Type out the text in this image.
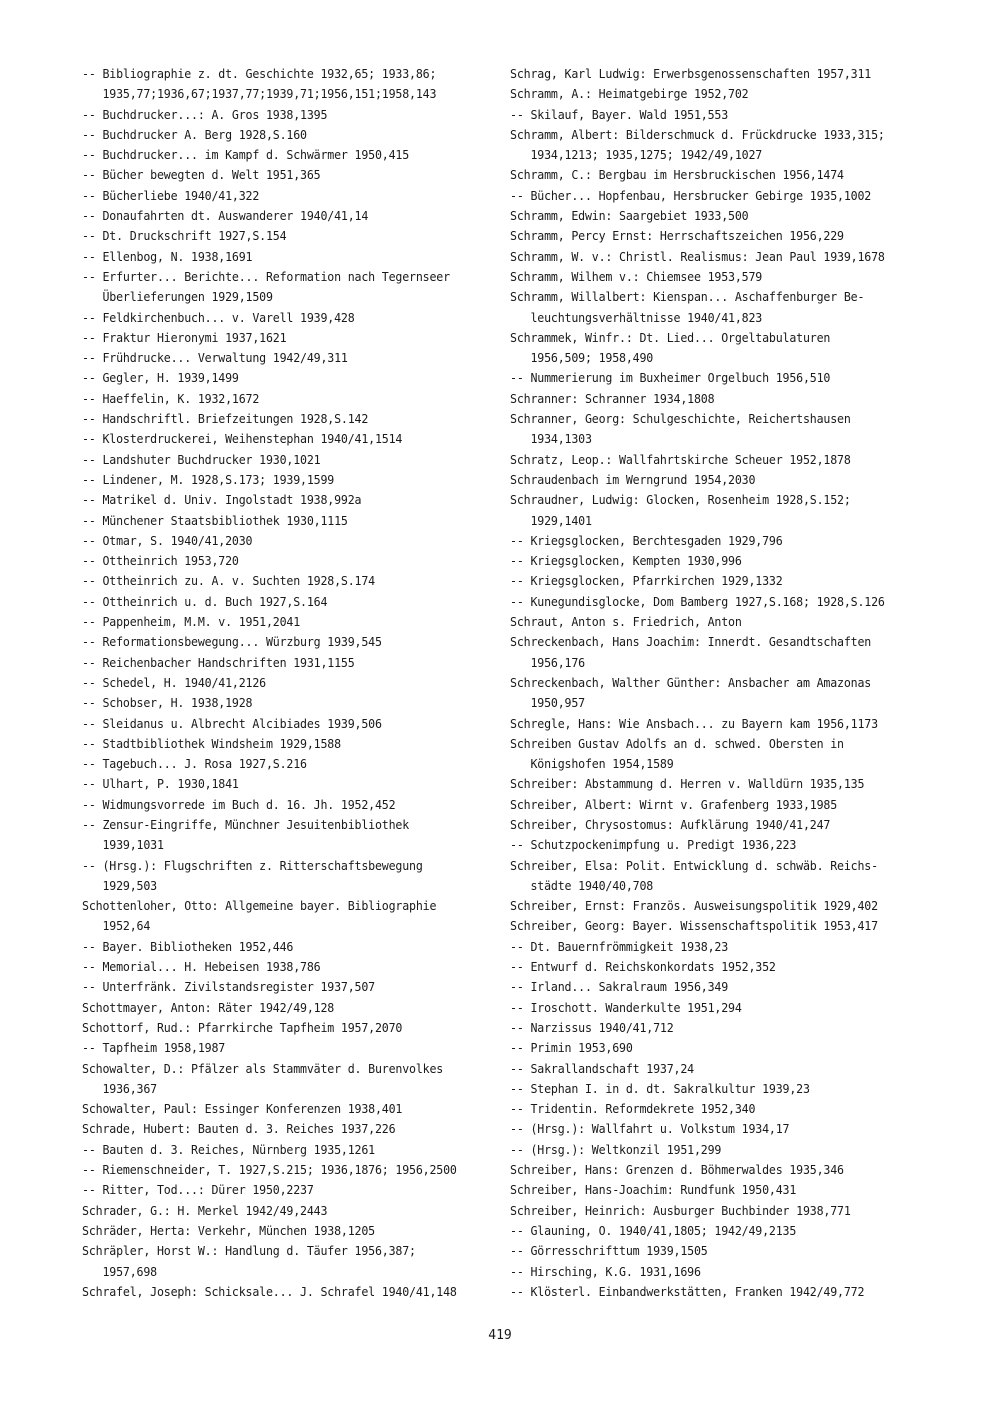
-- Bibliographie z. dt. Geschichte 1932,65; 1933,86;
1935,77;1936,67;1937,77;1939,71;1956,151;1958,143
-- Buchdrucker...: A. Gros 1938,1395
-- Buchdrucker A. Berg 1928,S.160
-- Buchdrucker... im Kampf d. Schwärmer 1950,415
-- Bücher bewegten d. Welt 1951,365
-- Bücherliebe 1940/41,322
-- Donaufahrten dt. Auswanderer 1940/41,14
-- Dt. Druckschrift 1927,S.154
-- Ellenbog, N. 1938,1691
-- Erfurter... Berichte... Reformation nach Tegernseer
Überlieferungen 1929,1509
-- Feldkirchenbuch... v. Varell 1939,428
-- Fraktur Hieronymi 1937,1621
-- Frühdrucke... Verwaltung 1942/49,311
-- Gegler, H. 1939,1499
-- Haeffelin, K. 1932,1672
-- Handschriftl. Briefzeitungen 1928,S.142
-- Klosterdruckerei, Weihenstephan 1940/41,1514
-- Landshuter Buchdrucker 1930,1021
-- Lindener, M. 1928,S.173; 1939,1599
-- Matrikel d. Univ. Ingolstadt 1938,992a
-- Münchener Staatsbibliothek 1930,1115
-- Otmar, S. 1940/41,2030
-- Ottheinrich 1953,720
-- Ottheinrich zu. A. v. Suchten 1928,S.174
-- Ottheinrich u. d. Buch 1927,S.164
-- Pappenheim, M.M. v. 1951,2041
-- Reformationsbewegung... Würzburg 1939,545
-- Reichenbacher Handschriften 1931,1155
-- Schedel, H. 1940/41,2126
-- Schobser, H. 1938,1928
-- Sleidanus u. Albrecht Alcibiades 1939,506
-- Stadtbibliothek Windsheim 1929,1588
-- Tagebuch... J. Rosa 1927,S.216
-- Ulhart, P. 1930,1841
-- Widmungsvorrede im Buch d. 16. Jh. 1952,452
-- Zensur-Eingriffe, Münchner Jesuitenbibliothek
1939,1031
-- (Hrsg.): Flugschriften z. Ritterschaftsbewegung
1929,503
Schottenloher, Otto: Allgemeine bayer. Bibliographie
1952,64
-- Bayer. Bibliotheken 1952,446
-- Memorial... H. Hebeisen 1938,786
-- Unterfränk. Zivilstandsregister 1937,507
Schottmayer, Anton: Räter 1942/49,128
Schottorf, Rud.: Pfarrkirche Tapfheim 1957,2070
-- Tapfheim 1958,1987
Schowalter, D.: Pfälzer als Stammväter d. Burenvolkes
1936,367
Schowalter, Paul: Essinger Konferenzen 1938,401
Schrade, Hubert: Bauten d. 3. Reiches 1937,226
-- Bauten d. 3. Reiches, Nürnberg 1935,1261
-- Riemenschneider, T. 1927,S.215; 1936,1876; 1956,2500
-- Ritter, Tod...: Dürer 1950,2237
Schrader, G.: H. Merkel 1942/49,2443
Schräder, Herta: Verkehr, München 1938,1205
Schräpler, Horst W.: Handlung d. Täufer 1956,387;
1957,698
Schrafel, Joseph: Schicksale... J. Schrafel 1940/41,148
Schrag, Karl Ludwig: Erwerbsgenossenschaften 1957,311
Schramm, A.: Heimatgebirge 1952,702
-- Skilauf, Bayer. Wald 1951,553
Schramm, Albert: Bilderschmuck d. Frückdrucke 1933,315;
1934,1213; 1935,1275; 1942/49,1027
Schramm, C.: Bergbau im Hersbruckischen 1956,1474
-- Bücher... Hopfenbau, Hersbrucker Gebirge 1935,1002
Schramm, Edwin: Saargebiet 1933,500
Schramm, Percy Ernst: Herrschaftszeichen 1956,229
Schramm, W. v.: Christl. Realismus: Jean Paul 1939,1678
Schramm, Wilhem v.: Chiemsee 1953,579
Schramm, Willalbert: Kienspan... Aschaffenburger Be-
leuchtungsverhältnisse 1940/41,823
Schrammek, Winfr.: Dt. Lied... Orgeltabulaturen
1956,509; 1958,490
-- Nummerierung im Buxheimer Orgelbuch 1956,510
Schranner: Schranner 1934,1808
Schranner, Georg: Schulgeschichte, Reichertshausen
1934,1303
Schratz, Leop.: Wallfahrtskirche Scheuer 1952,1878
Schraudenbach im Werngrund 1954,2030
Schraudner, Ludwig: Glocken, Rosenheim 1928,S.152;
1929,1401
-- Kriegsglocken, Berchtesgaden 1929,796
-- Kriegsglocken, Kempten 1930,996
-- Kriegsglocken, Pfarrkirchen 1929,1332
-- Kunegundisglocke, Dom Bamberg 1927,S.168; 1928,S.126
Schraut, Anton s. Friedrich, Anton
Schreckenbach, Hans Joachim: Innerdt. Gesandtschaften
1956,176
Schreckenbach, Walther Günther: Ansbacher am Amazonas
1950,957
Schregle, Hans: Wie Ansbach... zu Bayern kam 1956,1173
Schreiben Gustav Adolfs an d. schwed. Obersten in
Königshofen 1954,1589
Schreiber: Abstammung d. Herren v. Walldürn 1935,135
Schreiber, Albert: Wirnt v. Grafenberg 1933,1985
Schreiber, Chrysostomus: Aufklärung 1940/41,247
-- Schutzpockenimpfung u. Predigt 1936,223
Schreiber, Elsa: Polit. Entwicklung d. schwäb. Reichs-
städte 1940/40,708
Schreiber, Ernst: Französ. Ausweisungspolitik 1929,402
Schreiber, Georg: Bayer. Wissenschaftspolitik 1953,417
-- Dt. Bauernfrömmigkeit 1938,23
-- Entwurf d. Reichskonkordats 1952,352
-- Irland... Sakralraum 1956,349
-- Iroschott. Wanderkulte 1951,294
-- Narzissus 1940/41,712
-- Primin 1953,690
-- Sakrallandschaft 1937,24
-- Stephan I. in d. dt. Sakralkultur 1939,23
-- Tridentin. Reformdekrete 1952,340
-- (Hrsg.): Wallfahrt u. Volkstum 1934,17
-- (Hrsg.): Weltkonzil 1951,299
Schreiber, Hans: Grenzen d. Böhmerwaldes 1935,346
Schreiber, Hans-Joachim: Rundfunk 1950,431
Schreiber, Heinrich: Ausburger Buchbinder 1938,771
-- Glauning, O. 1940/41,1805; 1942/49,2135
-- Görresschrifttum 1939,1505
-- Hirsching, K.G. 1931,1696
-- Klösterl. Einbandwerkstätten, Franken 1942/49,772
419
